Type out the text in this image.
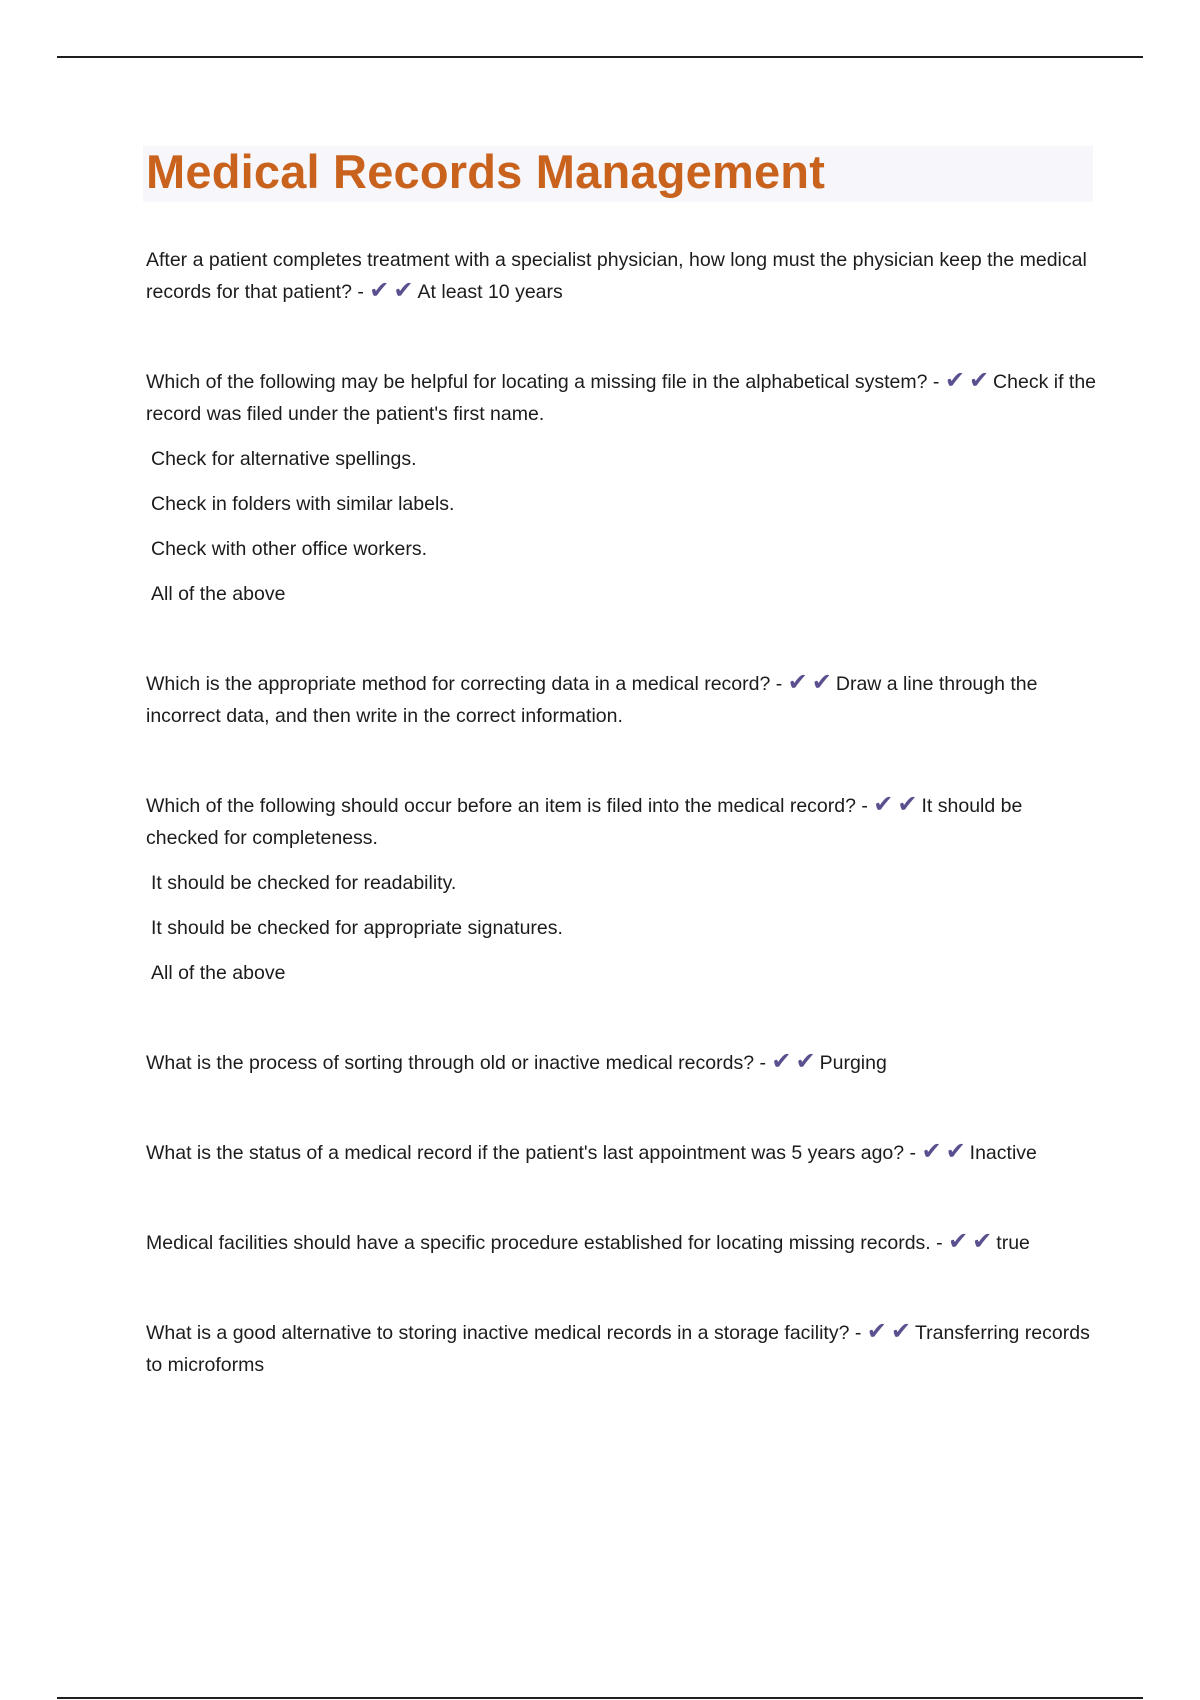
Medical Records Management

After a patient completes treatment with a specialist physician, how long must the physician keep the medical records for that patient? - ✔ ✔ At least 10 years

Which of the following may be helpful for locating a missing file in the alphabetical system? - ✔ ✔ Check if the record was filed under the patient's first name.

Check for alternative spellings.

Check in folders with similar labels.

Check with other office workers.

All of the above

Which is the appropriate method for correcting data in a medical record? - ✔ ✔ Draw a line through the incorrect data, and then write in the correct information.

Which of the following should occur before an item is filed into the medical record? - ✔ ✔ It should be checked for completeness.

It should be checked for readability.

It should be checked for appropriate signatures.

All of the above

What is the process of sorting through old or inactive medical records? - ✔ ✔ Purging

What is the status of a medical record if the patient's last appointment was 5 years ago? - ✔ ✔ Inactive

Medical facilities should have a specific procedure established for locating missing records. - ✔ ✔ true

What is a good alternative to storing inactive medical records in a storage facility? - ✔ ✔ Transferring records to microforms
